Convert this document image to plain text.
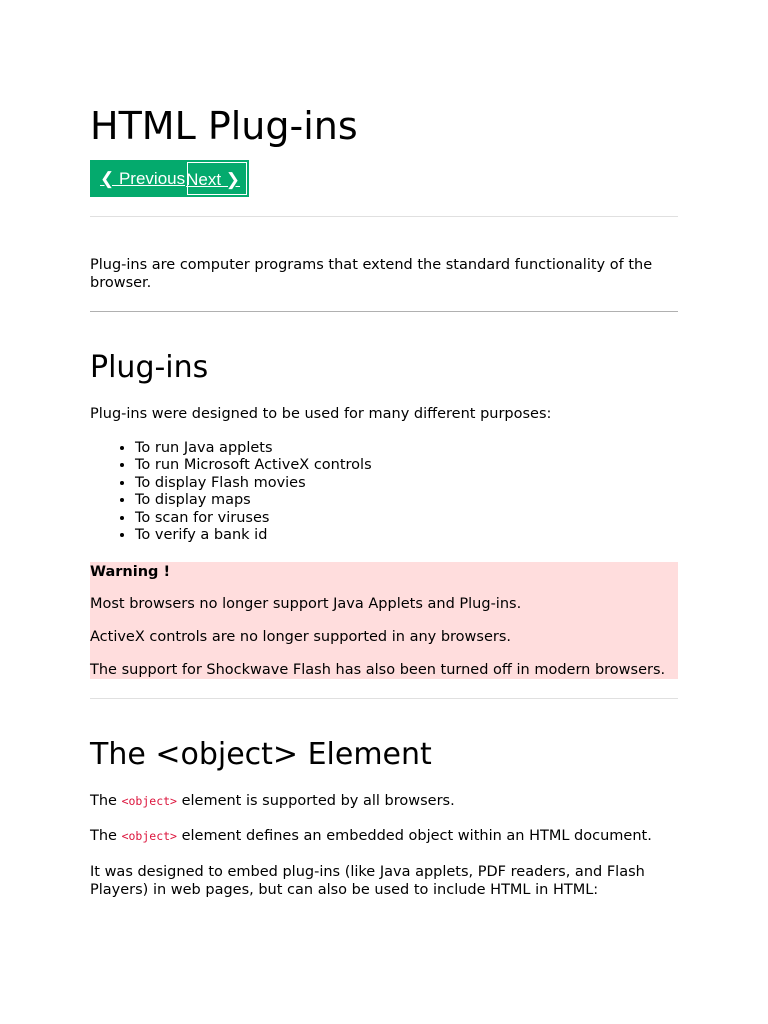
HTML Plug-ins
❮ Previous Next ❯
Plug-ins are computer programs that extend the standard functionality of the browser.
Plug-ins
Plug-ins were designed to be used for many different purposes:
• To run Java applets
• To run Microsoft ActiveX controls
• To display Flash movies
• To display maps
• To scan for viruses
• To verify a bank id
Warning !
Most browsers no longer support Java Applets and Plug-ins.
ActiveX controls are no longer supported in any browsers.
The support for Shockwave Flash has also been turned off in modern browsers.
The <object> Element
The <object> element is supported by all browsers.
The <object> element defines an embedded object within an HTML document.
It was designed to embed plug-ins (like Java applets, PDF readers, and Flash Players) in web pages, but can also be used to include HTML in HTML:
